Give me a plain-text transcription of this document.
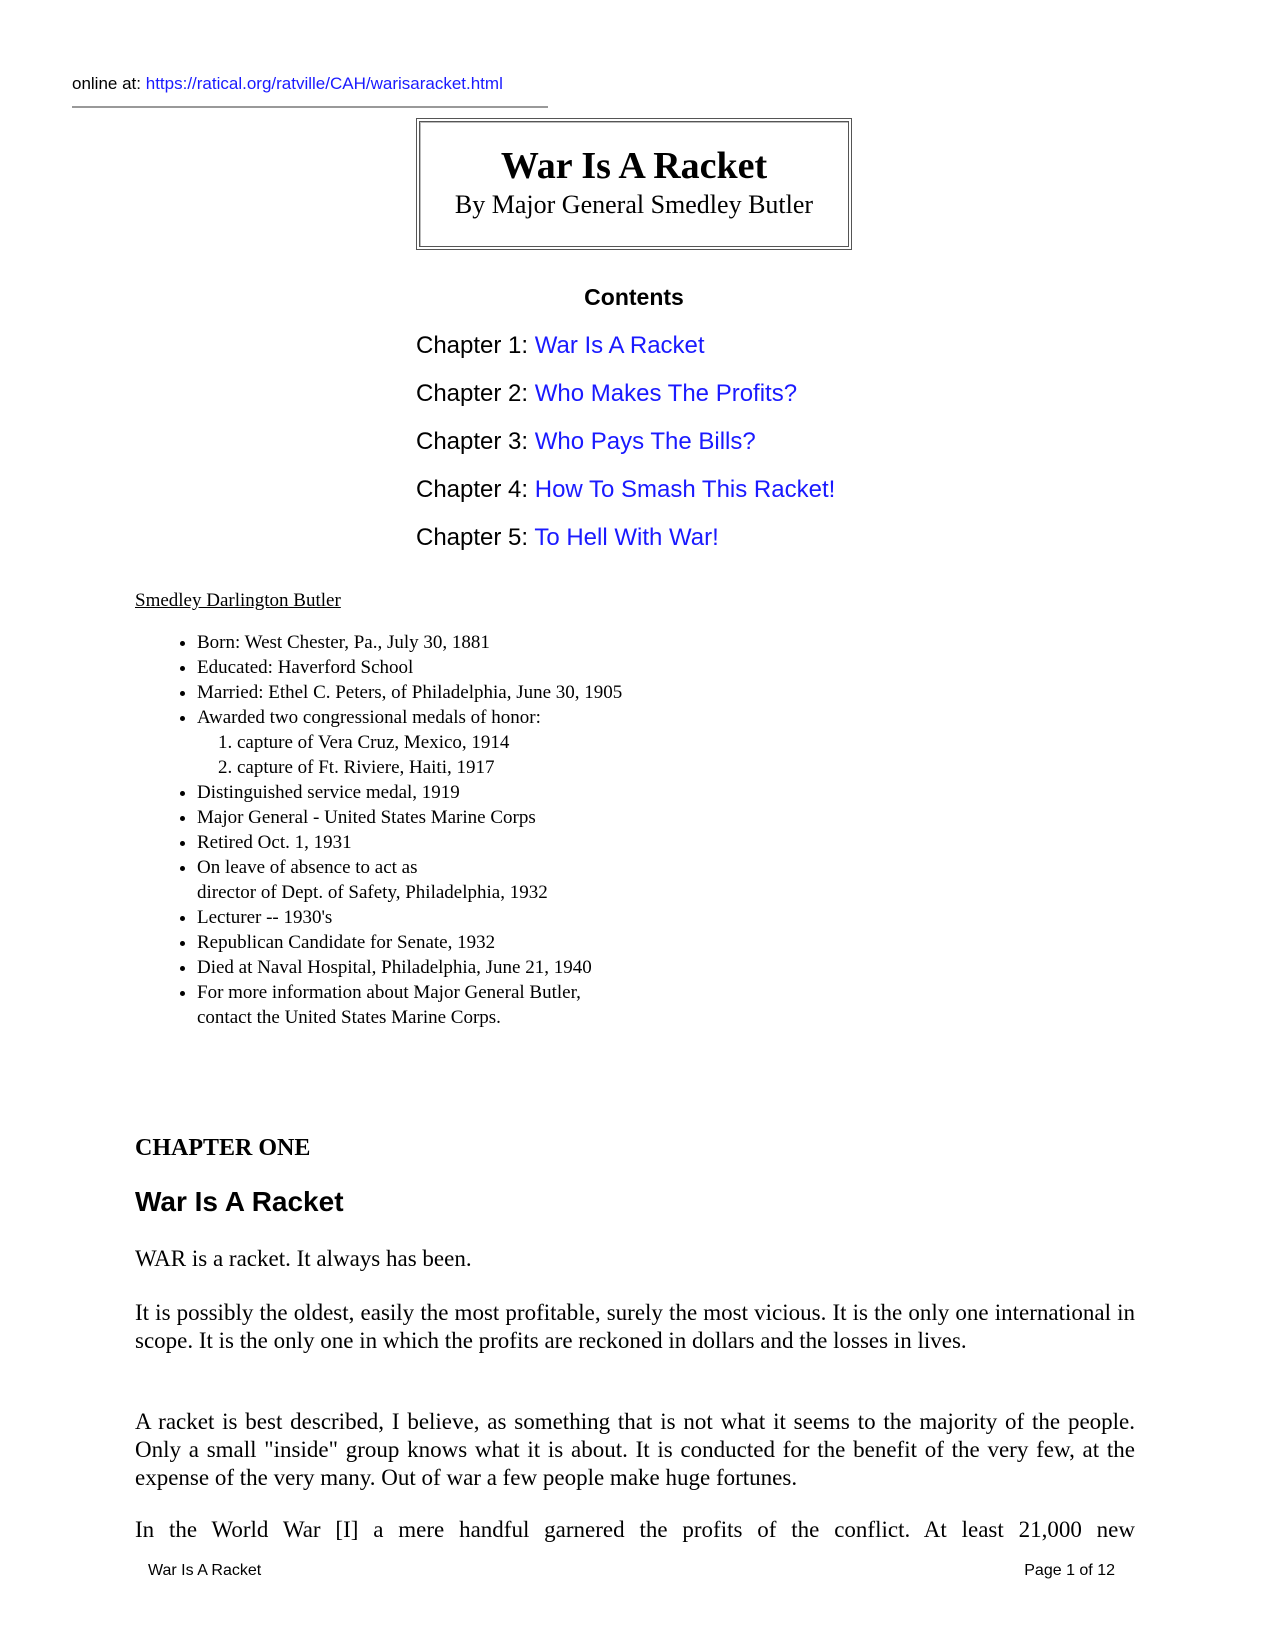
online at: https://ratical.org/ratville/CAH/warisaracket.html
War Is A Racket
By Major General Smedley Butler
Contents
Chapter 1: War Is A Racket
Chapter 2: Who Makes The Profits?
Chapter 3: Who Pays The Bills?
Chapter 4: How To Smash This Racket!
Chapter 5: To Hell With War!
Smedley Darlington Butler
• Born: West Chester, Pa., July 30, 1881
• Educated: Haverford School
• Married: Ethel C. Peters, of Philadelphia, June 30, 1905
• Awarded two congressional medals of honor:
1. capture of Vera Cruz, Mexico, 1914
2. capture of Ft. Riviere, Haiti, 1917
• Distinguished service medal, 1919
• Major General - United States Marine Corps
• Retired Oct. 1, 1931
• On leave of absence to act as
director of Dept. of Safety, Philadelphia, 1932
• Lecturer -- 1930's
• Republican Candidate for Senate, 1932
• Died at Naval Hospital, Philadelphia, June 21, 1940
• For more information about Major General Butler,
contact the United States Marine Corps.
CHAPTER ONE
War Is A Racket

WAR is a racket. It always has been.

It is possibly the oldest, easily the most profitable, surely the most vicious. It is the only one international in scope. It is the only one in which the profits are reckoned in dollars and the losses in lives.

A racket is best described, I believe, as something that is not what it seems to the majority of the people. Only a small "inside" group knows what it is about. It is conducted for the benefit of the very few, at the expense of the very many. Out of war a few people make huge fortunes.

In the World War [I] a mere handful garnered the profits of the conflict. At least 21,000 new

War Is A Racket	Page 1 of 12
